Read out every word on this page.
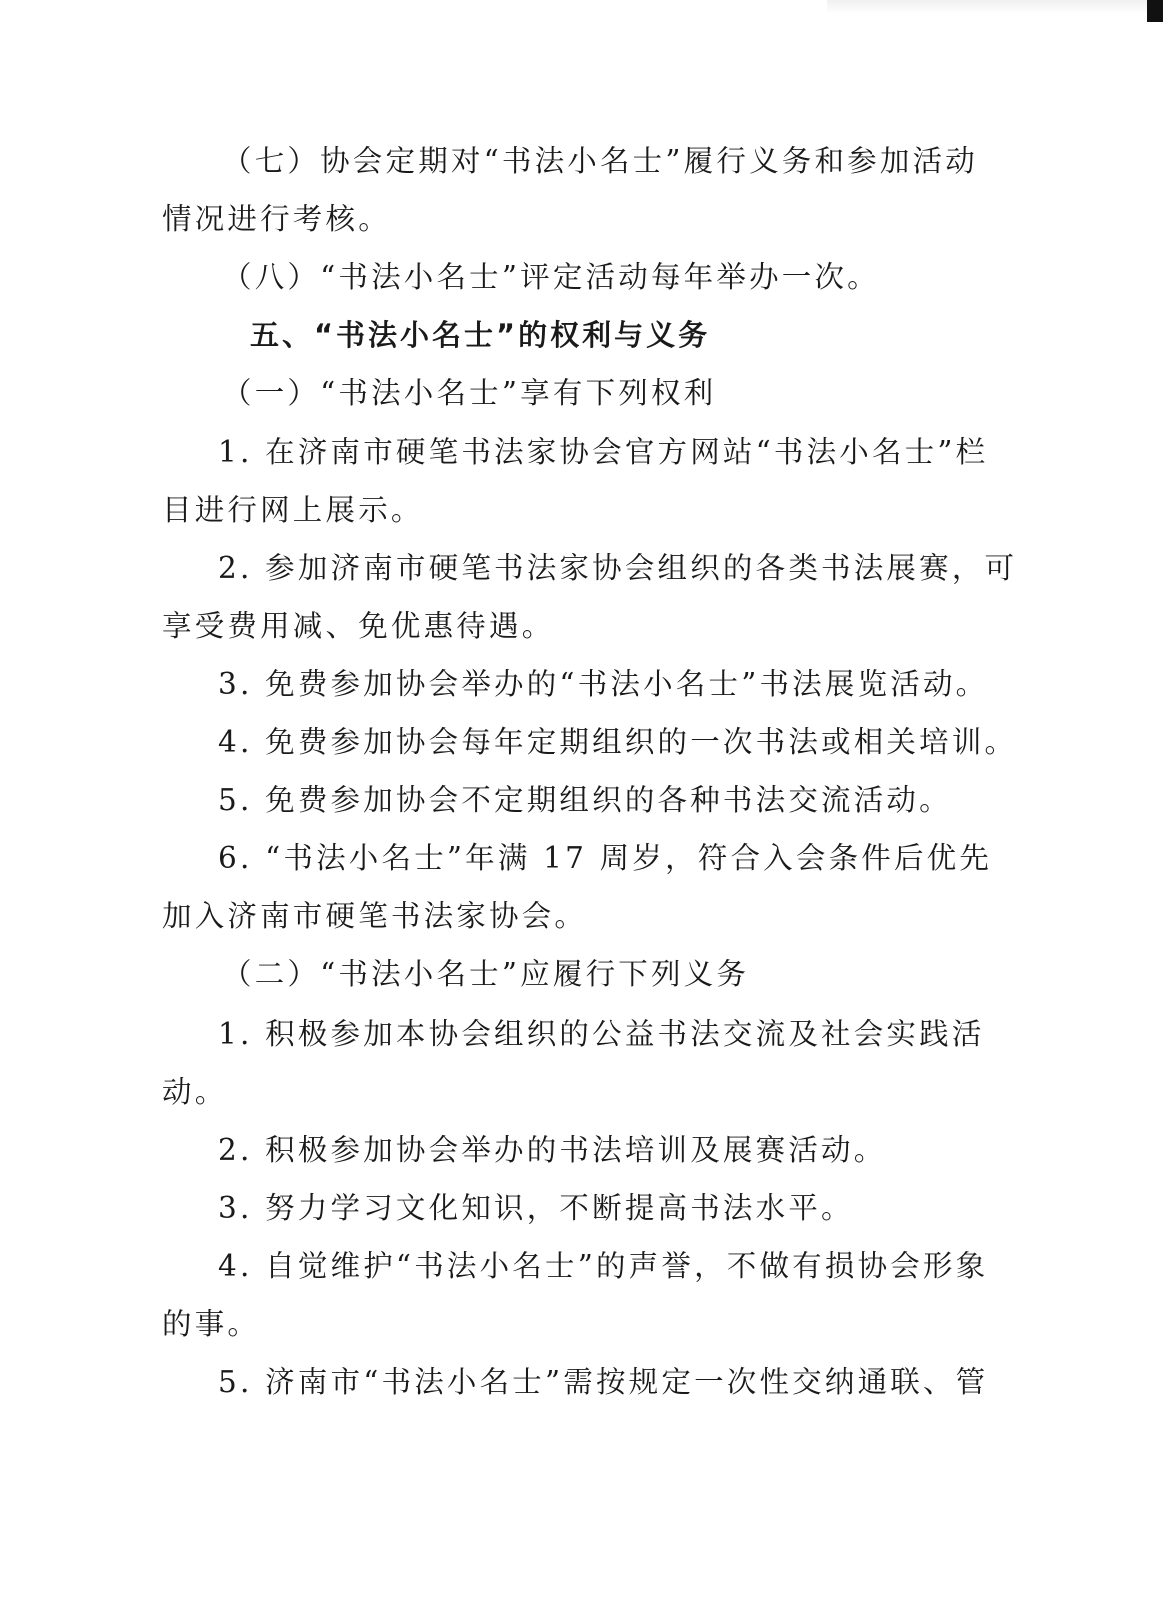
（七）协会定期对“书法小名士”履行义务和参加活动
情况进行考核。
（八）“书法小名士”评定活动每年举办一次。
五、“书法小名士”的权利与义务
（一）“书法小名士”享有下列权利
1. 在济南市硬笔书法家协会官方网站“书法小名士”栏
目进行网上展示。
2. 参加济南市硬笔书法家协会组织的各类书法展赛，可
享受费用减、免优惠待遇。
3. 免费参加协会举办的“书法小名士”书法展览活动。
4. 免费参加协会每年定期组织的一次书法或相关培训。
5. 免费参加协会不定期组织的各种书法交流活动。
6. “书法小名士”年满 17 周岁，符合入会条件后优先
加入济南市硬笔书法家协会。
（二）“书法小名士”应履行下列义务
1. 积极参加本协会组织的公益书法交流及社会实践活
动。
2. 积极参加协会举办的书法培训及展赛活动。
3. 努力学习文化知识，不断提高书法水平。
4. 自觉维护“书法小名士”的声誉，不做有损协会形象
的事。
5. 济南市“书法小名士”需按规定一次性交纳通联、管
